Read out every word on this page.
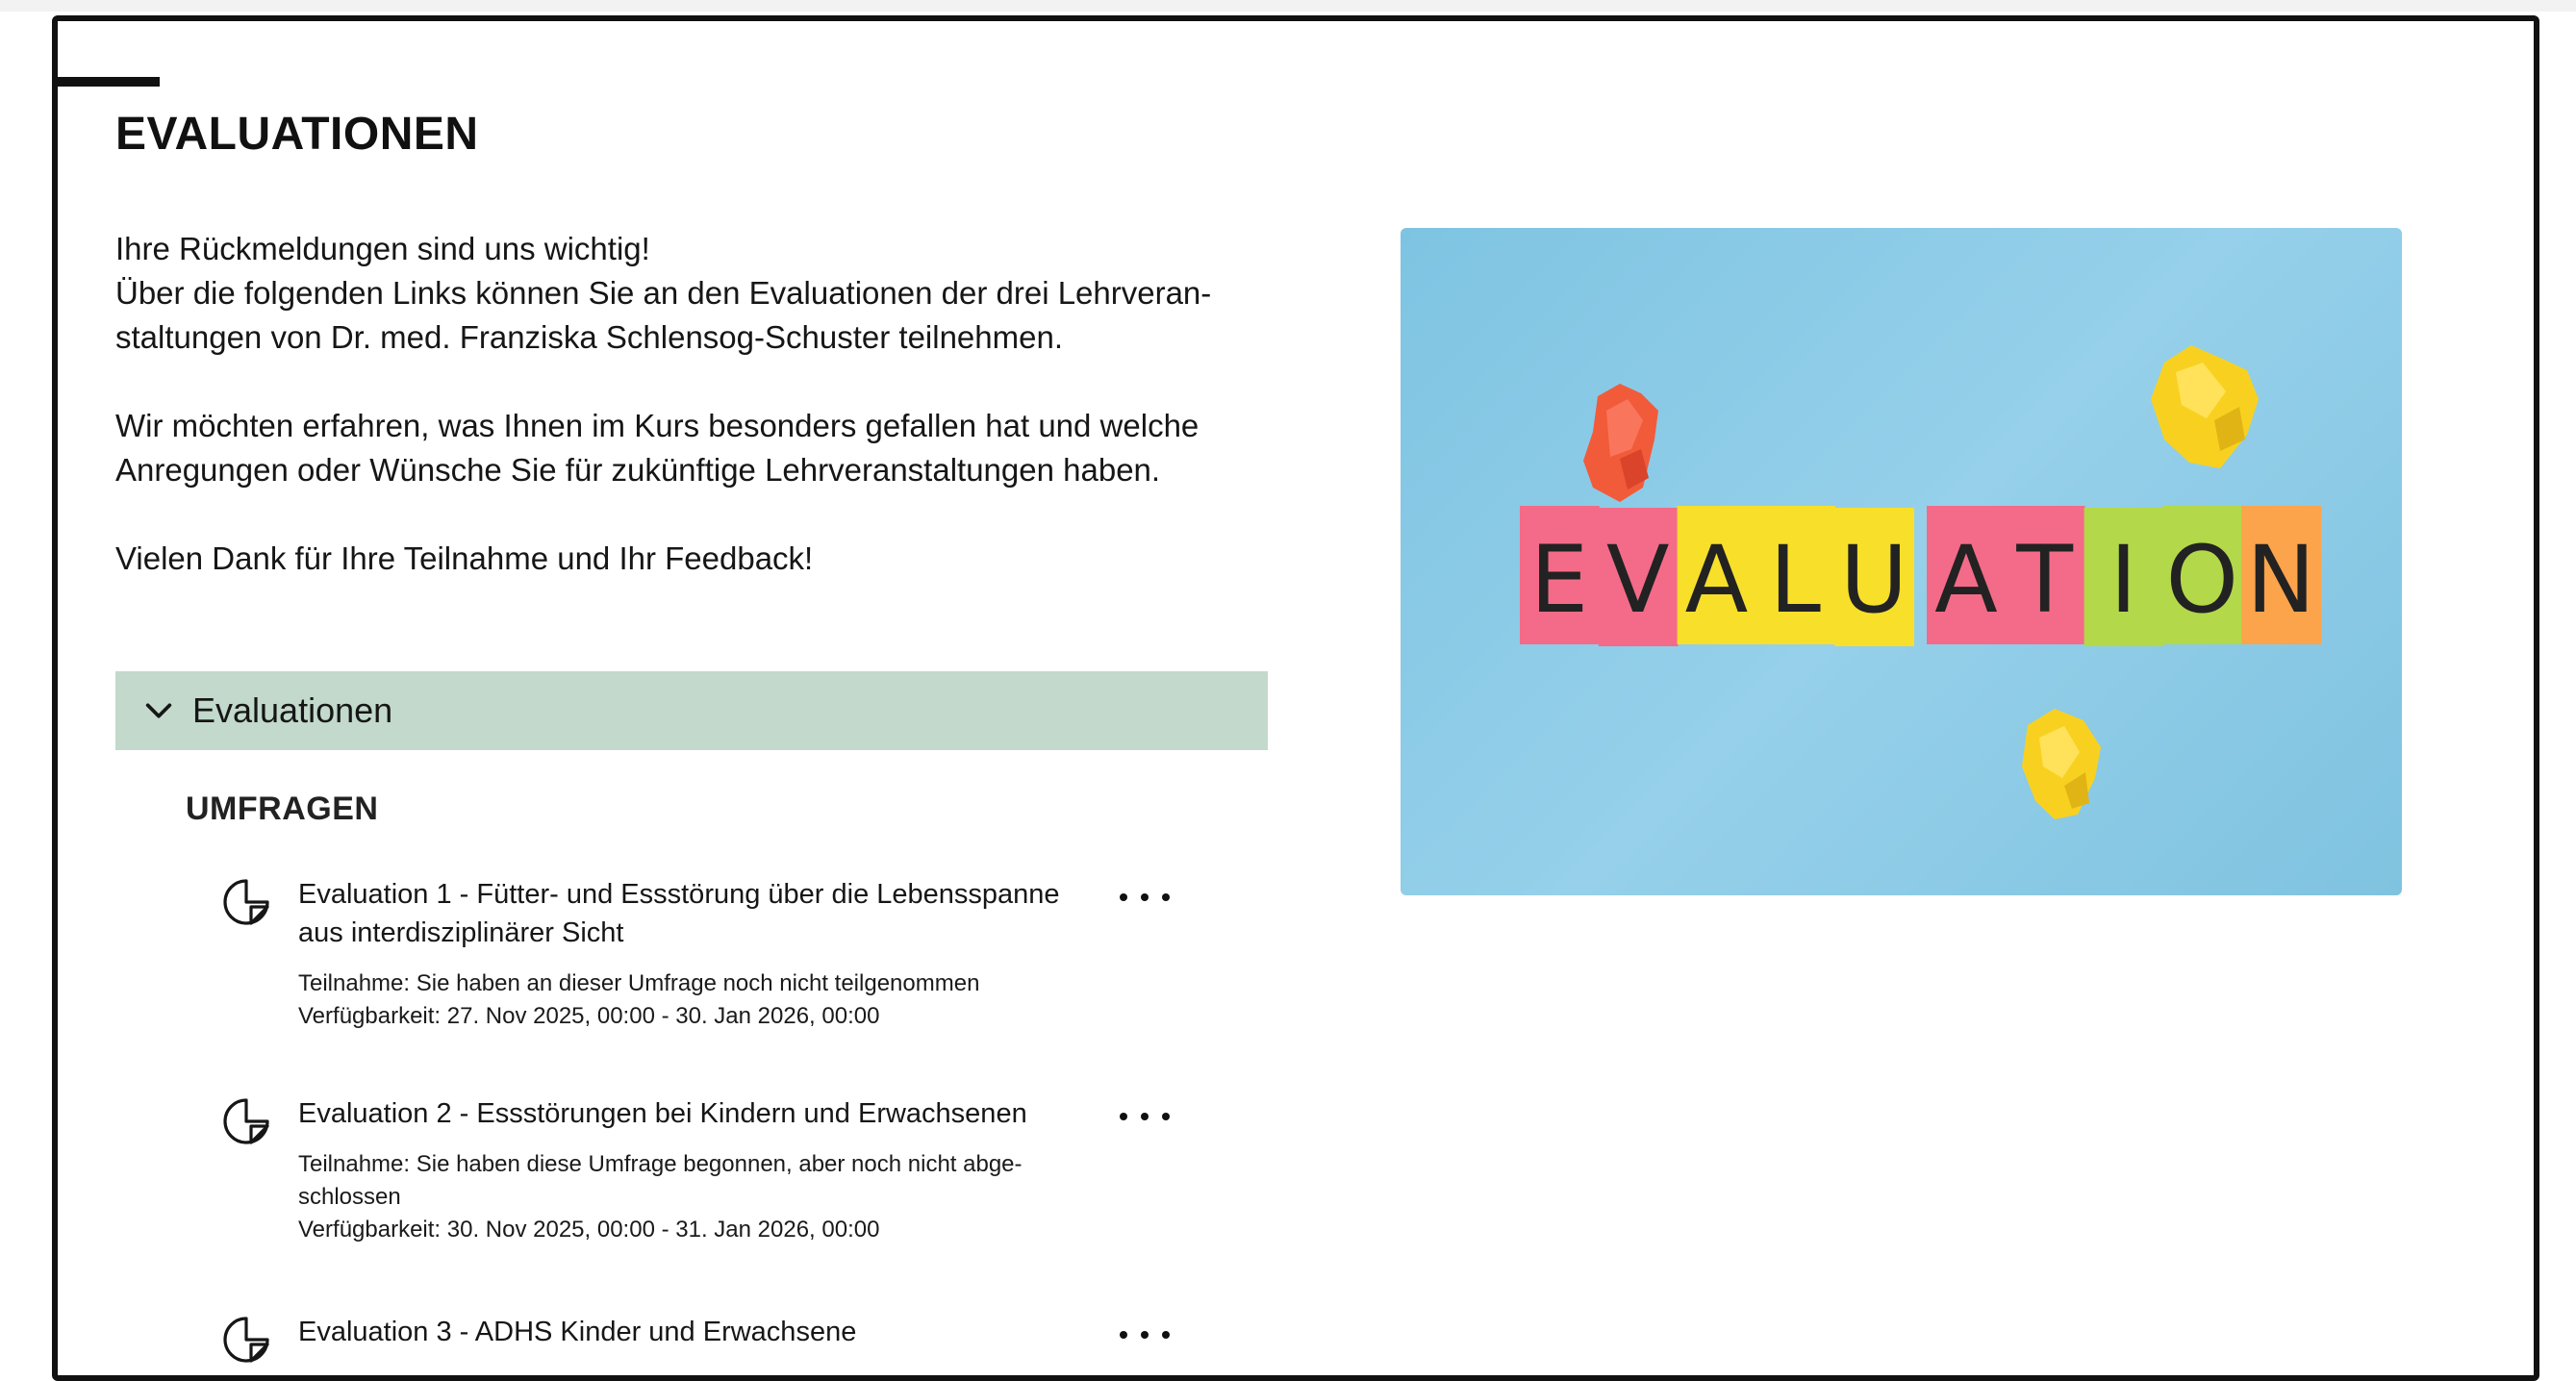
EVALUATIONEN

Ihre Rückmeldungen sind uns wichtig!
Über die folgenden Links können Sie an den Evaluationen der drei Lehrveran-
staltungen von Dr. med. Franziska Schlensog-Schuster teilnehmen.

Wir möchten erfahren, was Ihnen im Kurs besonders gefallen hat und welche
Anregungen oder Wünsche Sie für zukünftige Lehrveranstaltungen haben.

Vielen Dank für Ihre Teilnahme und Ihr Feedback!	E V A L U A T I O N
Evaluationen
UMFRAGEN
Evaluation 1 - Fütter- und Essstörung über die Lebensspanne
aus interdisziplinärer Sicht
Teilnahme: Sie haben an dieser Umfrage noch nicht teilgenommen
Verfügbarkeit: 27. Nov 2025, 00:00 - 30. Jan 2026, 00:00
Evaluation 2 - Essstörungen bei Kindern und Erwachsenen
Teilnahme: Sie haben diese Umfrage begonnen, aber noch nicht abge-
schlossen
Verfügbarkeit: 30. Nov 2025, 00:00 - 31. Jan 2026, 00:00
Evaluation 3 - ADHS Kinder und Erwachsene
